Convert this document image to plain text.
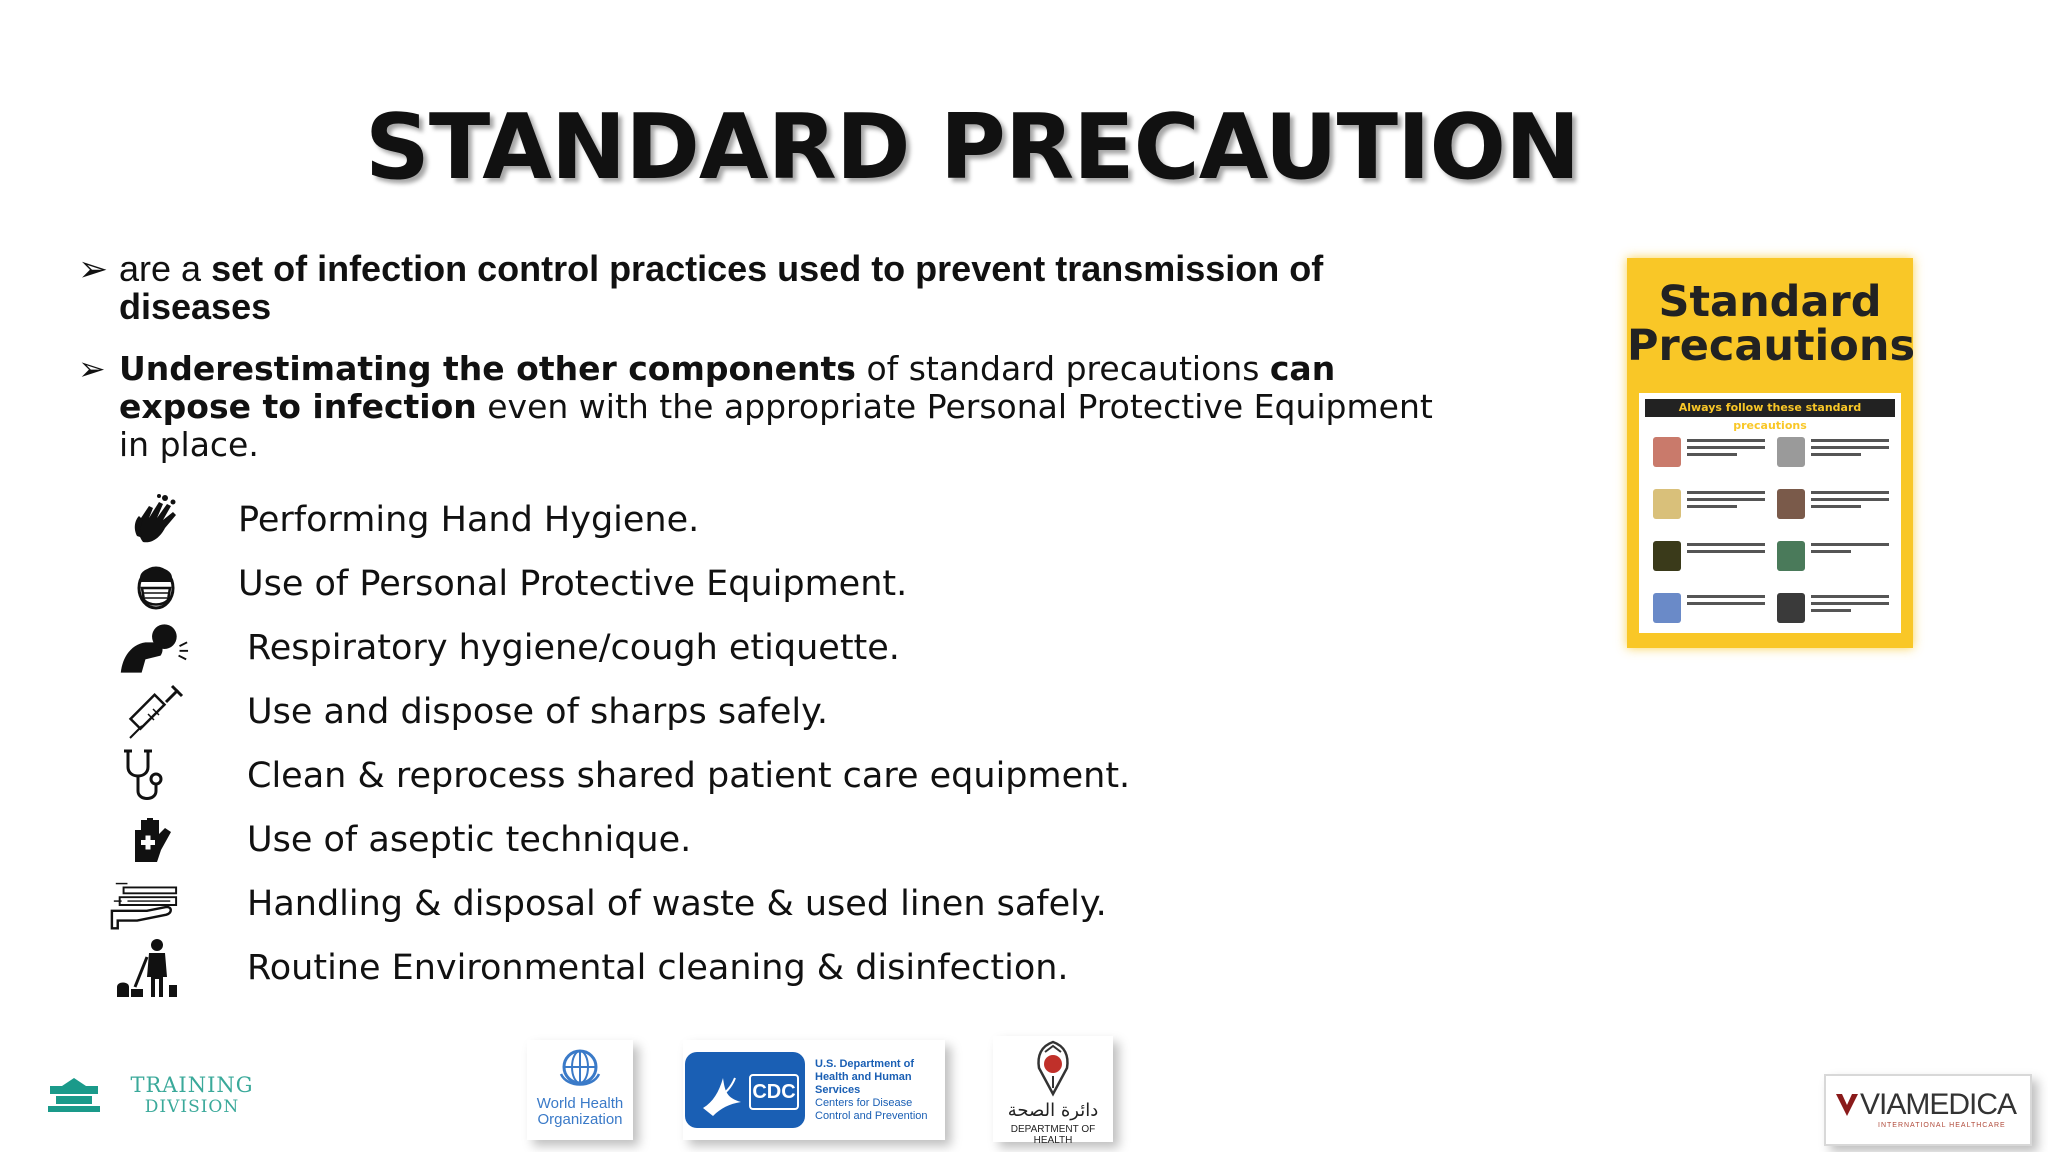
STANDARD PRECAUTION
➢ are a set of infection control practices used to prevent transmission of diseases
➢ Underestimating the other components of standard precautions can expose to infection even with the appropriate Personal Protective Equipment in place.
Performing Hand Hygiene.
Use of Personal Protective Equipment.
Respiratory hygiene/cough etiquette.
Use and dispose of sharps safely.
Clean & reprocess shared patient care equipment.
Use of aseptic technique.
Handling & disposal of waste & used linen safely.
Routine Environmental cleaning & disinfection.
Standard
Precautions
Always follow these standard precautions
TRAINING
DIVISION	World Health
Organization
CDC
U.S. Department of
Health and Human Services
Centers for Disease
Control and Prevention	دائرة الصحة
DEPARTMENT OF HEALTH
VIAMEDICA
INTERNATIONAL HEALTHCARE
